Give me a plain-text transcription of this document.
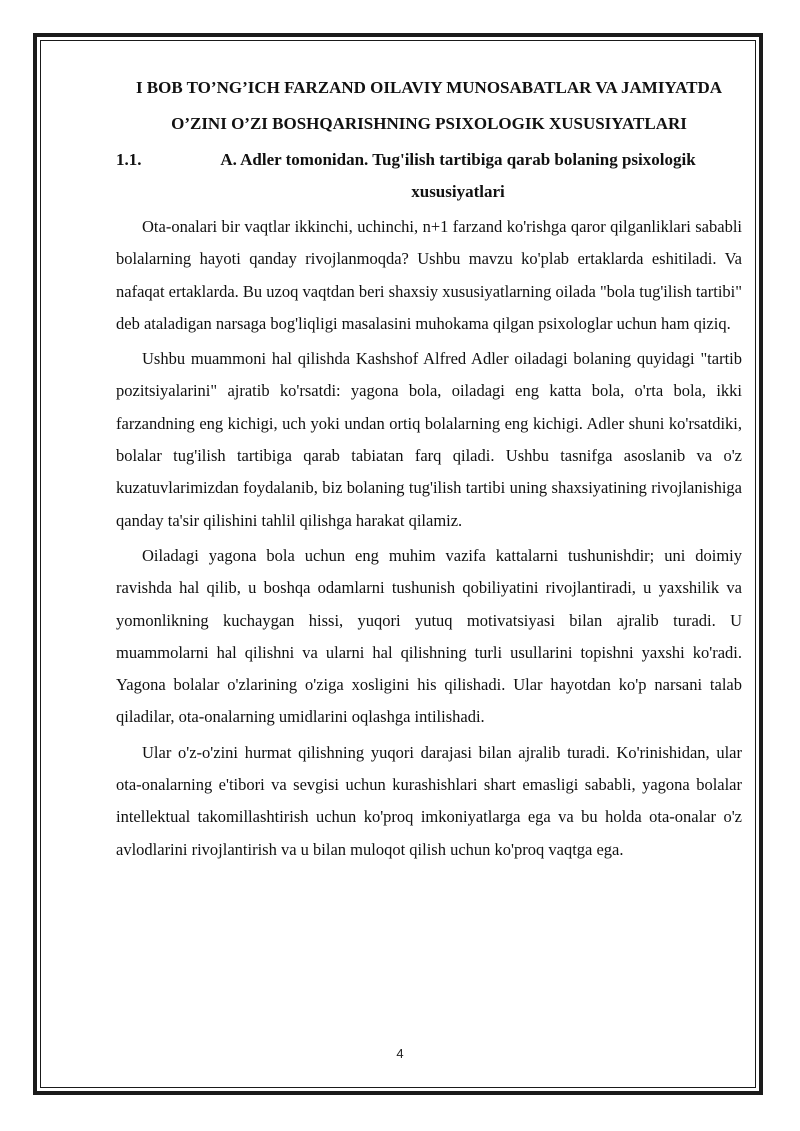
I BOB TO’NG’ICH FARZAND OILAVIY MUNOSABATLAR VA JAMIYATDA O’ZINI O’ZI BOSHQARISHNING PSIXOLOGIK XUSUSIYATLARI
1.1.	A. Adler tomonidan. Tug'ilish tartibiga qarab bolaning psixologik xususiyatlari

Ota-onalari bir vaqtlar ikkinchi, uchinchi, n+1 farzand ko'rishga qaror qilganliklari sababli bolalarning hayoti qanday rivojlanmoqda? Ushbu mavzu ko'plab ertaklarda eshitiladi. Va nafaqat ertaklarda. Bu uzoq vaqtdan beri shaxsiy xususiyatlarning oilada "bola tug'ilish tartibi" deb ataladigan narsaga bog'liqligi masalasini muhokama qilgan psixologlar uchun ham qiziq.

Ushbu muammoni hal qilishda Kashshof Alfred Adler oiladagi bolaning quyidagi "tartib pozitsiyalarini" ajratib ko'rsatdi: yagona bola, oiladagi eng katta bola, o'rta bola, ikki farzandning eng kichigi, uch yoki undan ortiq bolalarning eng kichigi. Adler shuni ko'rsatdiki, bolalar tug'ilish tartibiga qarab tabiatan farq qiladi. Ushbu tasnifga asoslanib va o'z kuzatuvlarimizdan foydalanib, biz bolaning tug'ilish tartibi uning shaxsiyatining rivojlanishiga qanday ta'sir qilishini tahlil qilishga harakat qilamiz.

Oiladagi yagona bola uchun eng muhim vazifa kattalarni tushunishdir; uni doimiy ravishda hal qilib, u boshqa odamlarni tushunish qobiliyatini rivojlantiradi, u yaxshilik va yomonlikning kuchaygan hissi, yuqori yutuq motivatsiyasi bilan ajralib turadi. U muammolarni hal qilishni va ularni hal qilishning turli usullarini topishni yaxshi ko'radi. Yagona bolalar o'zlarining o'ziga xosligini his qilishadi. Ular hayotdan ko'p narsani talab qiladilar, ota-onalarning umidlarini oqlashga intilishadi.

Ular o'z-o'zini hurmat qilishning yuqori darajasi bilan ajralib turadi. Ko'rinishidan, ular ota-onalarning e'tibori va sevgisi uchun kurashishlari shart emasligi sababli, yagona bolalar intellektual takomillashtirish uchun ko'proq imkoniyatlarga ega va bu holda ota-onalar o'z avlodlarini rivojlantirish va u bilan muloqot qilish uchun ko'proq vaqtga ega.

4
